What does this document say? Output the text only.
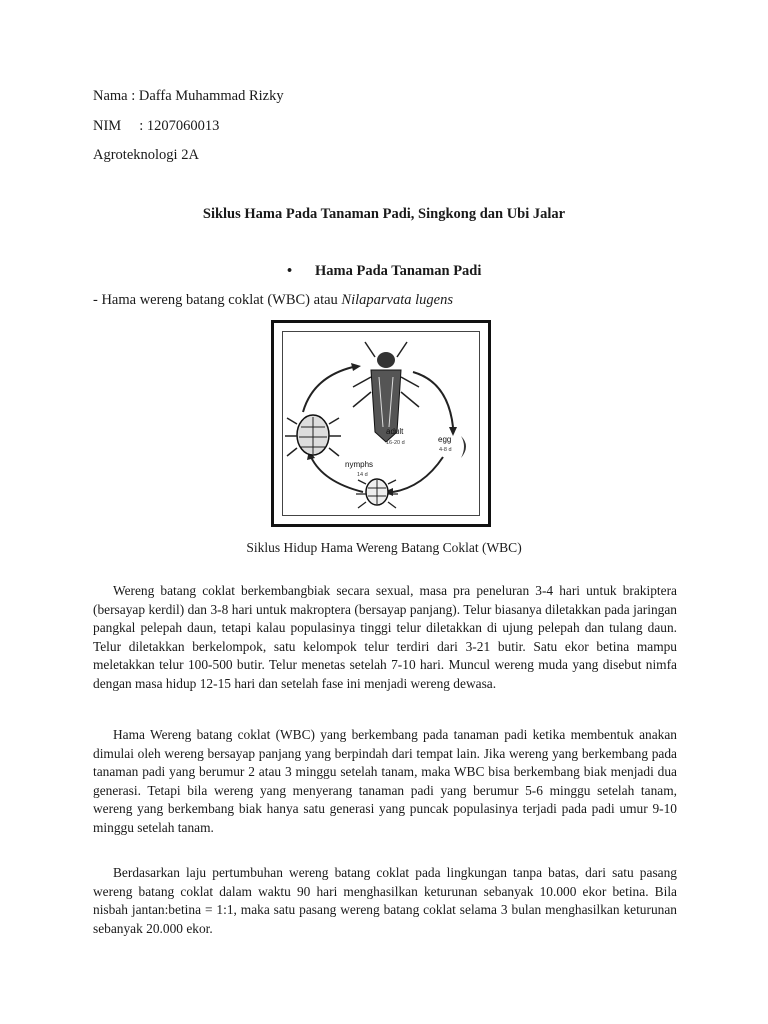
Nama : Daffa Muhammad Rizky
NIM : 1207060013
Agroteknologi 2A
Siklus Hama Pada Tanaman Padi, Singkong dan Ubi Jalar
• Hama Pada Tanaman Padi
- Hama wereng batang coklat (WBC) atau Nilaparvata lugens
adult
16-20 d	egg
4-8 d
nymphs
14 d
Siklus Hidup Hama Wereng Batang Coklat (WBC)

Wereng batang coklat berkembangbiak secara sexual, masa pra peneluran 3-4 hari untuk brakiptera (bersayap kerdil) dan 3-8 hari untuk makroptera (bersayap panjang). Telur biasanya diletakkan pada jaringan pangkal pelepah daun, tetapi kalau populasinya tinggi telur diletakkan di ujung pelepah dan tulang daun. Telur diletakkan berkelompok, satu kelompok telur terdiri dari 3-21 butir. Satu ekor betina mampu meletakkan telur 100-500 butir. Telur menetas setelah 7-10 hari. Muncul wereng muda yang disebut nimfa dengan masa hidup 12-15 hari dan setelah fase ini menjadi wereng dewasa.

Hama Wereng batang coklat (WBC) yang berkembang pada tanaman padi ketika membentuk anakan dimulai oleh wereng bersayap panjang yang berpindah dari tempat lain. Jika wereng yang berkembang pada tanaman padi yang berumur 2 atau 3 minggu setelah tanam, maka WBC bisa berkembang biak menjadi dua generasi. Tetapi bila wereng yang menyerang tanaman padi yang berumur 5-6 minggu setelah tanam, wereng yang berkembang biak hanya satu generasi yang puncak populasinya terjadi pada padi umur 9-10 minggu setelah tanam.

Berdasarkan laju pertumbuhan wereng batang coklat pada lingkungan tanpa batas, dari satu pasang wereng batang coklat dalam waktu 90 hari menghasilkan keturunan sebanyak 10.000 ekor betina. Bila nisbah jantan:betina = 1:1, maka satu pasang wereng batang coklat selama 3 bulan menghasilkan keturunan sebanyak 20.000 ekor.
